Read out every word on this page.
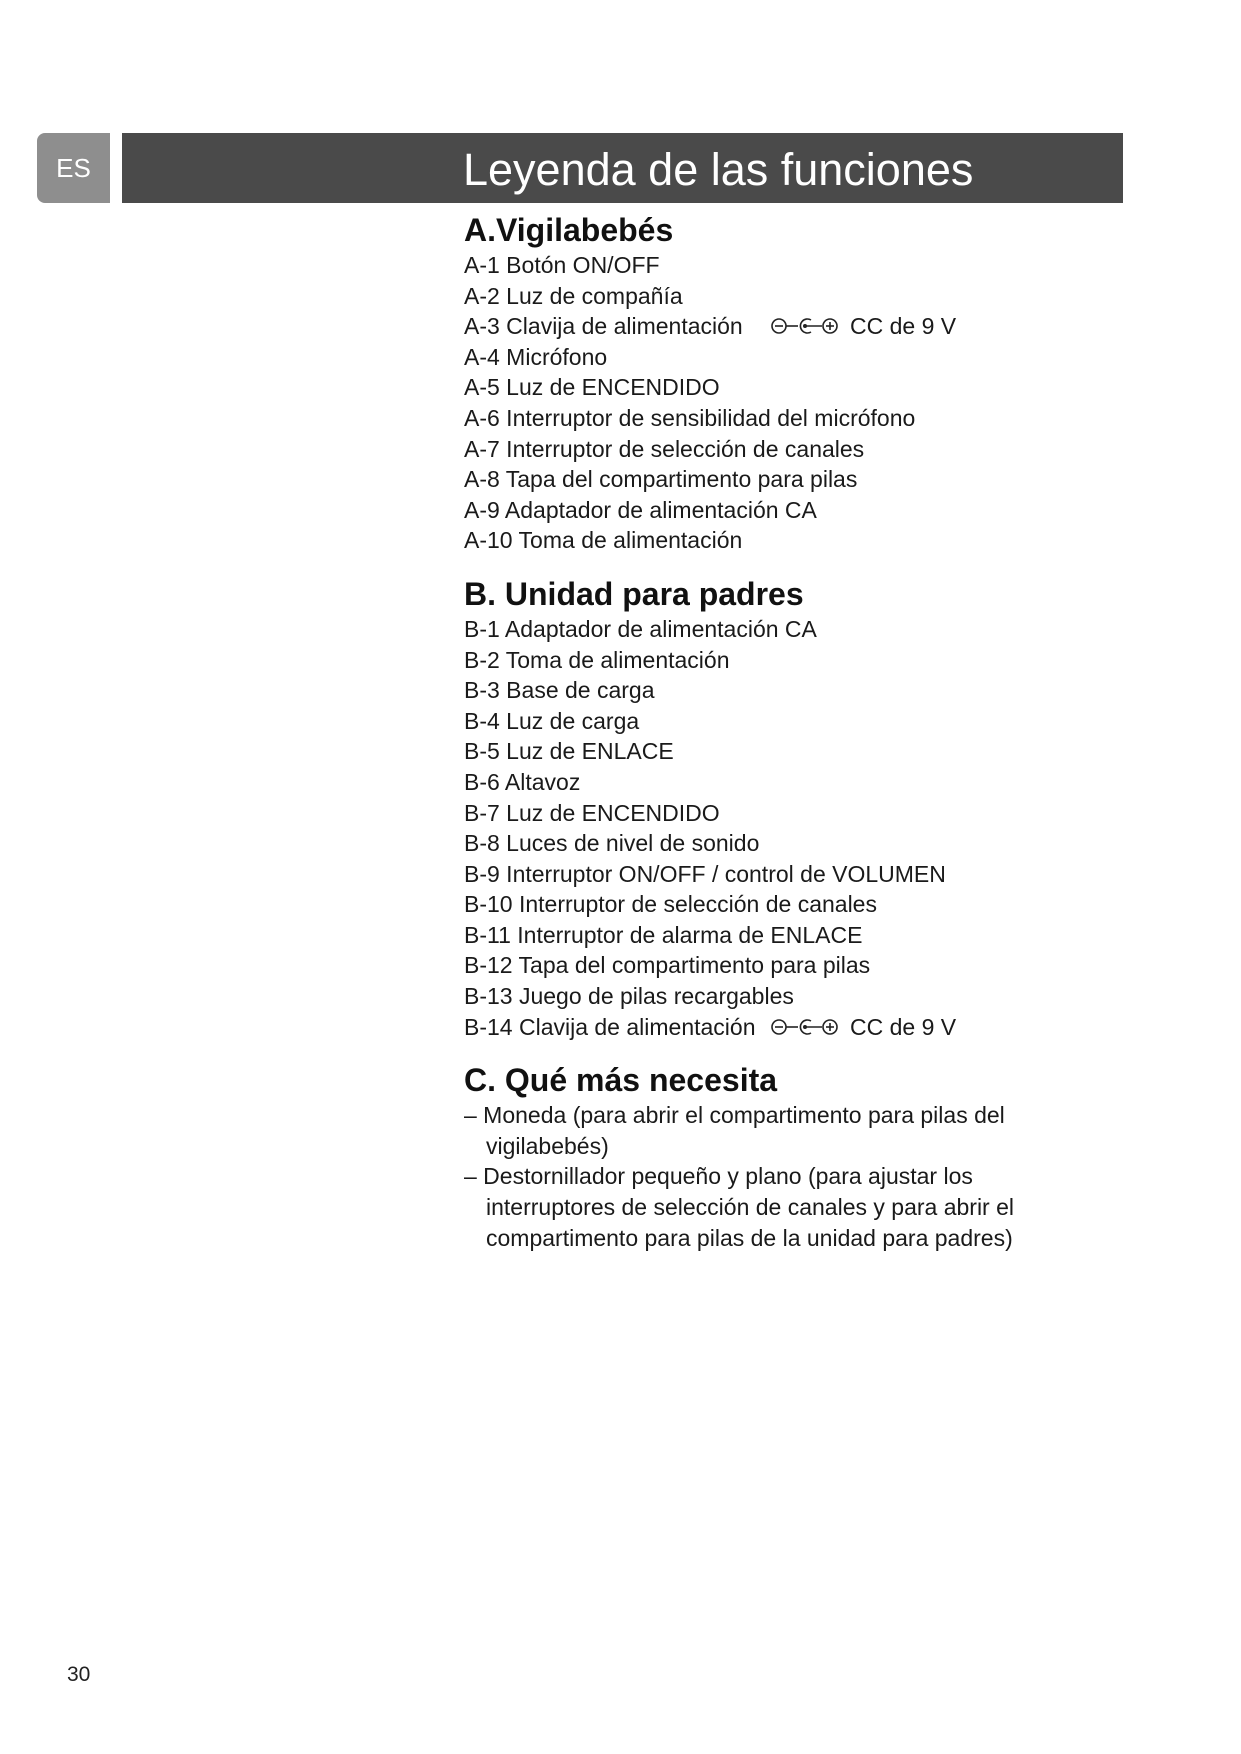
ES	Leyenda de las funciones
A.Vigilabebés
A-1 Botón ON/OFF
A-2 Luz de compañía
A-3 Clavija de alimentación	CC de 9 V
A-4 Micrófono
A-5 Luz de ENCENDIDO
A-6 Interruptor de sensibilidad del micrófono
A-7 Interruptor de selección de canales
A-8 Tapa del compartimento para pilas
A-9 Adaptador de alimentación CA
A-10 Toma de alimentación
B. Unidad para padres
B-1 Adaptador de alimentación CA
B-2 Toma de alimentación
B-3 Base de carga
B-4 Luz de carga
B-5 Luz de ENLACE
B-6 Altavoz
B-7 Luz de ENCENDIDO
B-8 Luces de nivel de sonido
B-9 Interruptor ON/OFF / control de VOLUMEN
B-10 Interruptor de selección de canales
B-11 Interruptor de alarma de ENLACE
B-12 Tapa del compartimento para pilas
B-13 Juego de pilas recargables
B-14 Clavija de alimentación	CC de 9 V
C. Qué más necesita
– Moneda (para abrir el compartimento para pilas del vigilabebés)
– Destornillador pequeño y plano (para ajustar los interruptores de selección de canales y para abrir el compartimento para pilas de la unidad para padres)
30
